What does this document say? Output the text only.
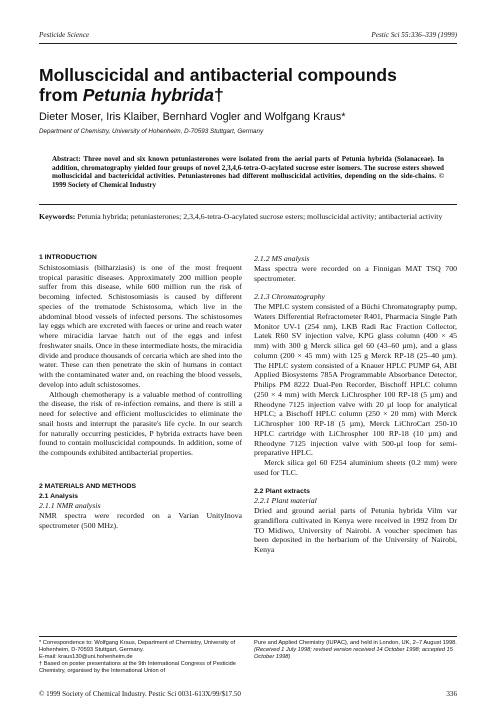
Pesticide Science	Pestic Sci 55:336–339 (1999)
Molluscicidal and antibacterial compounds
from Petunia hybrida†
Dieter Moser, Iris Klaiber, Bernhard Vogler and Wolfgang Kraus*
Department of Chemistry, University of Hohenheim, D-70593 Stuttgart, Germany
Abstract: Three novel and six known petuniasterones were isolated from the aerial parts of Petunia hybrida (Solanaceae). In addition, chromatography yielded four groups of novel 2,3,4,6-tetra-O-acylated sucrose ester isomers. The sucrose esters showed molluscicidal and bactericidal activities. Petuniasterones had different molluscicidal activities, depending on the side-chains. © 1999 Society of Chemical Industry
Keywords: Petunia hybrida; petuniasterones; 2,3,4,6-tetra-O-acylated sucrose esters; molluscicidal activity; antibacterial activity

1 INTRODUCTION

Schistosomiasis (bilharziasis) is one of the most frequent tropical parasitic diseases. Approximately 200 million people suffer from this disease, while 600 million run the risk of becoming infected. Schistosomiasis is caused by different species of the trematode Schistosoma, which live in the abdominal blood vessels of infected persons. The schistosomes lay eggs which are excreted with faeces or urine and reach water where miracidia larvae hatch out of the eggs and infest freshwater snails. Once in these intermediate hosts, the miracidia divide and produce thousands of cercaria which are shed into the water. These can then penetrate the skin of humans in contact with the contaminated water and, on reaching the blood vessels, develop into adult schistosomes.

Although chemotherapy is a valuable method of controlling the disease, the risk of re-infection remains, and there is still a need for selective and efficient molluscicides to eliminate the snail hosts and interrupt the parasite's life cycle. In our search for naturally occurring pesticides, P hybrida extracts have been found to contain molluscicidal compounds. In addition, some of the compounds exhibited antibacterial properties.

2 MATERIALS AND METHODS

2.1 Analysis

2.1.1 NMR analysis

NMR spectra were recorded on a Varian UnityInova spectrometer (500 MHz).

2.1.2 MS analysis

Mass spectra were recorded on a Finnigan MAT TSQ 700 spectrometer.

2.1.3 Chromatography

The MPLC system consisted of a Büchi Chromatography pump, Waters Differential Refractometer R401, Pharmacia Single Path Monitor UV-1 (254 nm), LKB Radi Rac Fraction Collector, Latek R60 SV injection valve, KPG glass column (400 × 45 mm) with 300 g Merck silica gel 60 (43–60 µm), and a glass column (200 × 45 mm) with 125 g Merck RP-18 (25–40 µm). The HPLC system consisted of a Knauer HPLC PUMP 64, ABI Applied Biosystems 785A Programmable Absorbance Detector, Philips PM 8222 Dual-Pen Recorder, Bischoff HPLC column (250 × 4 mm) with Merck LiChrospher 100 RP-18 (5 µm) and Rheodyne 7125 injection valve with 20 µl loop for analytical HPLC; a Bischoff HPLC column (250 × 20 mm) with Merck LiChrospher 100 RP-18 (5 µm), Merck LiChroCart 250-10 HPLC cartridge with LiChrospher 100 RP-18 (10 µm) and Rheodyne 7125 injection valve with 500-µl loop for semi-preparative HPLC.

Merck silica gel 60 F254 aluminium sheets (0.2 mm) were used for TLC.

2.2 Plant extracts

2.2.1 Plant material

Dried and ground aerial parts of Petunia hybrida Vilm var grandiflora cultivated in Kenya were received in 1992 from Dr TO Midiwo, University of Nairobi. A voucher specimen has been deposited in the herbarium of the University of Nairobi, Kenya

* Correspondence to: Wolfgang Kraus, Department of Chemistry, University of Hohenheim, D-70593 Stuttgart, Germany.
E-mail: kraus130@uni.hohenheim.de
† Based on poster presentations at the 9th International Congress of Pesticide Chemistry, organised by the International Union of
Pure and Applied Chemistry (IUPAC), and held in London, UK, 2–7 August 1998.
(Received 1 July 1998; revised version received 14 October 1998; accepted 15 October 1998)
© 1999 Society of Chemical Industry. Pestic Sci 0031-613X/99/$17.50	336
